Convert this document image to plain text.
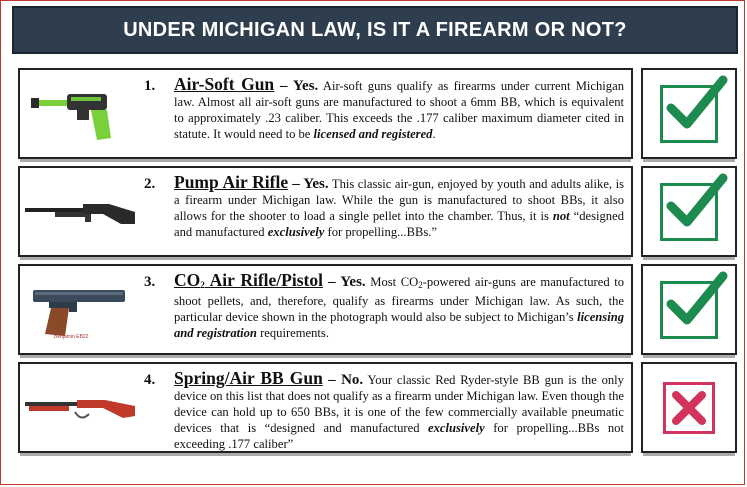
UNDER MICHIGAN LAW, IS IT A FIREARM OR NOT?
1. Air-Soft Gun – Yes. Air-soft guns qualify as firearms under current Michigan law. Almost all air-soft guns are manufactured to shoot a 6mm BB, which is equivalent to approximately .23 caliber. This exceeds the .177 caliber maximum diameter cited in statute. It would need to be licensed and registered.
2. Pump Air Rifle – Yes. This classic air-gun, enjoyed by youth and adults alike, is a firearm under Michigan law. While the gun is manufactured to shoot BBs, it also allows for the shooter to load a single pellet into the chamber. Thus, it is not “designed and manufactured exclusively for propelling...BBs.”
Benjamin EB22
3. $CO_2$ Air Rifle/Pistol – Yes. Most CO2-powered air-guns are manufactured to shoot pellets, and, therefore, qualify as firearms under Michigan law. As such, the particular device shown in the photograph would also be subject to Michigan’s licensing and registration requirements.
4. Spring/Air BB Gun – No. Your classic Red Ryder-style BB gun is the only device on this list that does not qualify as a firearm under Michigan law. Even though the device can hold up to 650 BBs, it is one of the few commercially available pneumatic devices that is “designed and manufactured exclusively for propelling...BBs not exceeding .177 caliber”
